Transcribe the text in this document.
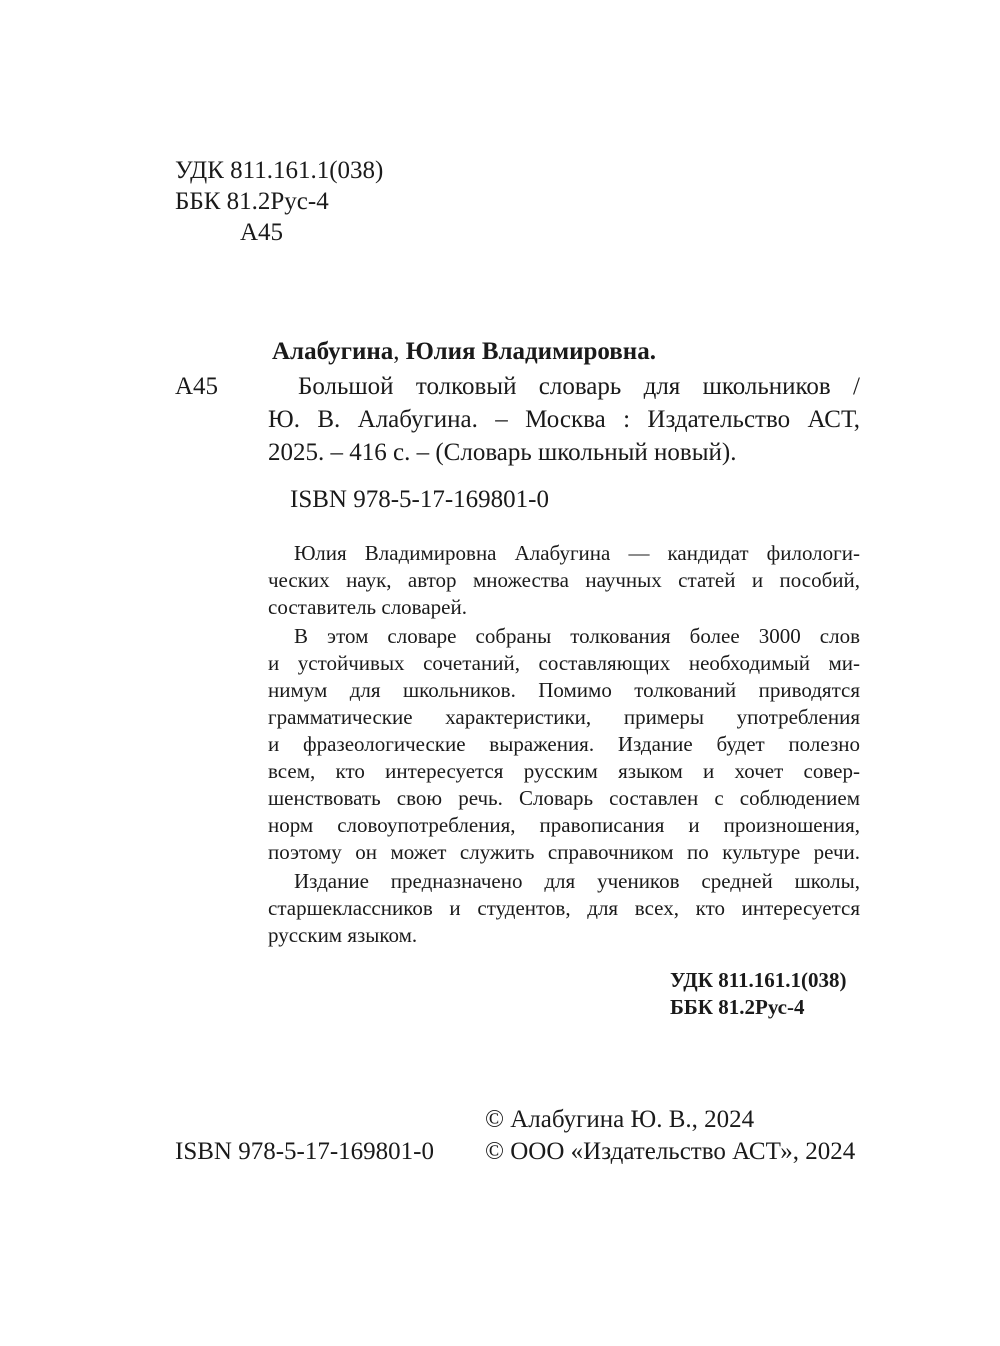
УДК 811.161.1(038)
ББК 81.2Рус-4
А45
Алабугина, Юлия Владимировна.
А45	Большой толковый словарь для школьников /
Ю. В. Алабугина. – Москва : Издательство АСТ,
2025. – 416 с. – (Словарь школьный новый).
ISBN 978-5-17-169801-0
Юлия Владимировна Алабугина — кандидат филологи-
ческих наук, автор множества научных статей и пособий,
составитель словарей.
В этом словаре собраны толкования более 3000 слов
и устойчивых сочетаний, составляющих необходимый ми-
нимум для школьников. Помимо толкований приводятся
грамматические характеристики, примеры употребления
и фразеологические выражения. Издание будет полезно
всем, кто интересуется русским языком и хочет совер-
шенствовать свою речь. Словарь составлен с соблюдением
норм словоупотребления, правописания и произношения,
поэтому он может служить справочником по культуре речи.
Издание предназначено для учеников средней школы,
старшеклассников и студентов, для всех, кто интересуется
русским языком.
УДК 811.161.1(038)
ББК 81.2Рус-4
© Алабугина Ю. В., 2024
ISBN 978-5-17-169801-0 © ООО «Издательство АСТ», 2024
